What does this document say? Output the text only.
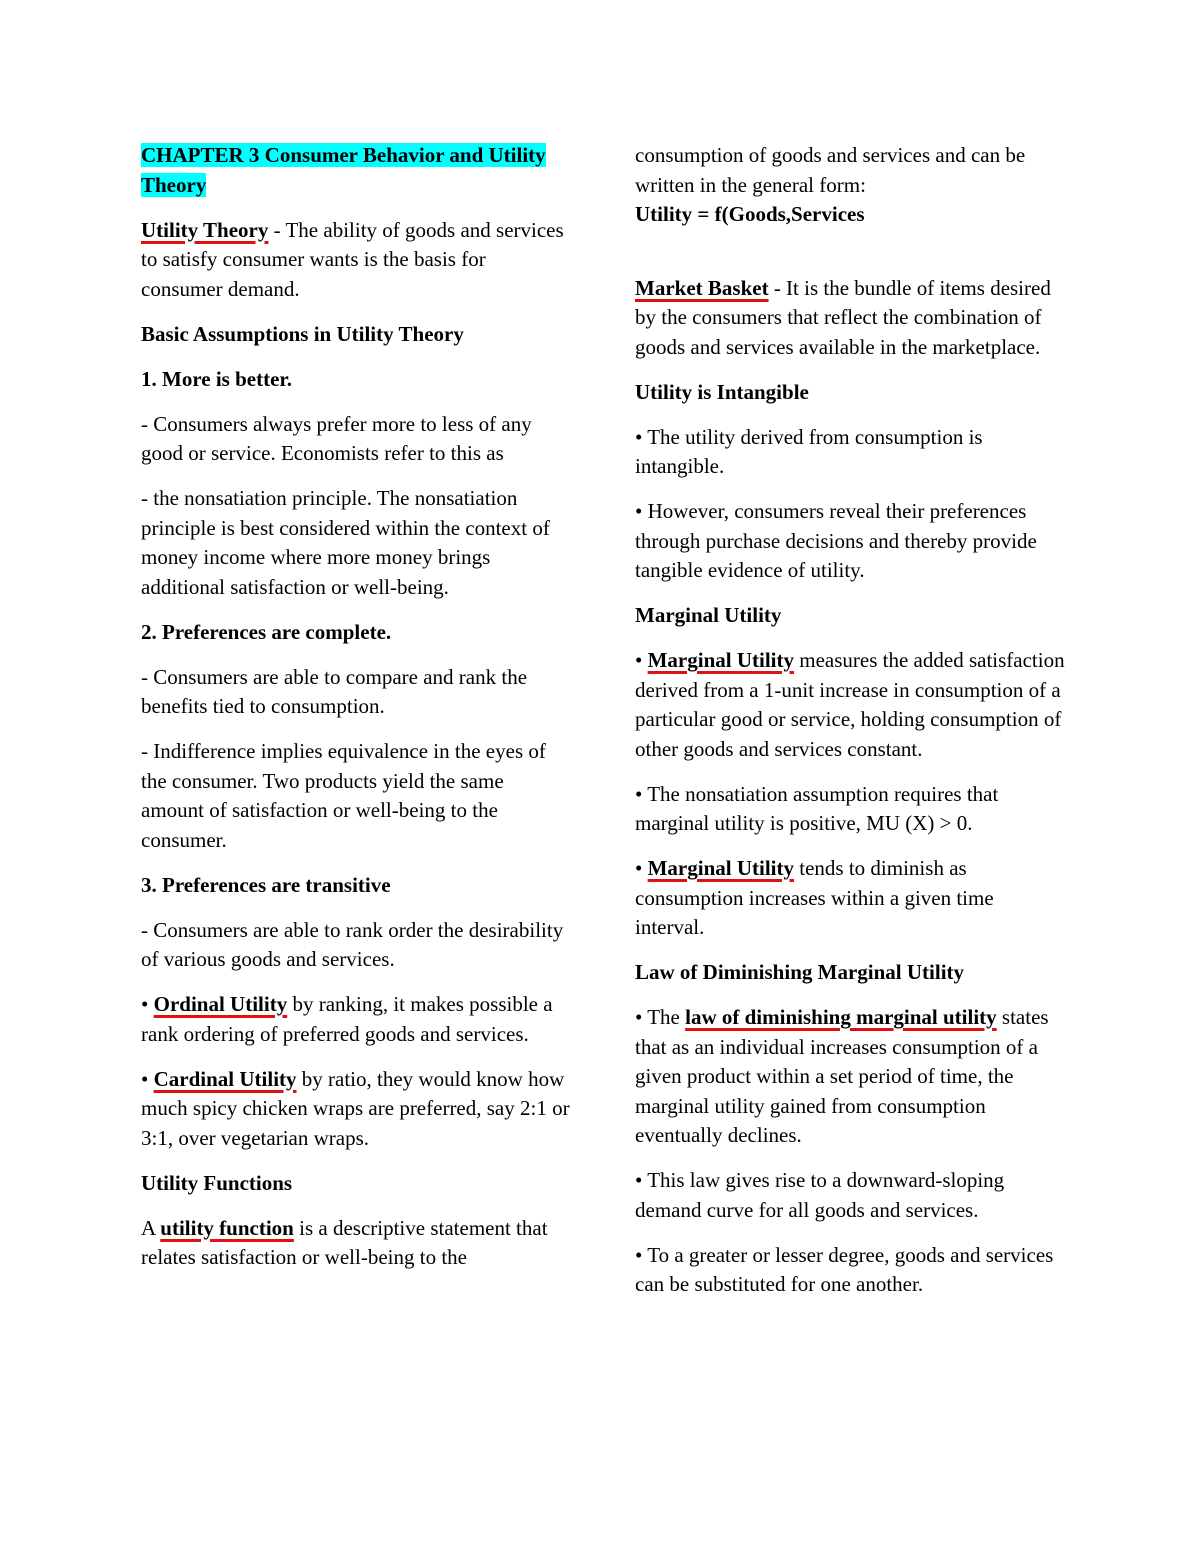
CHAPTER 3 Consumer Behavior and Utility Theory

Utility Theory - The ability of goods and services to satisfy consumer wants is the basis for consumer demand.

Basic Assumptions in Utility Theory

1. More is better.

- Consumers always prefer more to less of any good or service. Economists refer to this as

- the nonsatiation principle. The nonsatiation principle is best considered within the context of money income where more money brings additional satisfaction or well-being.

2. Preferences are complete.

- Consumers are able to compare and rank the benefits tied to consumption.

- Indifference implies equivalence in the eyes of the consumer. Two products yield the same amount of satisfaction or well-being to the consumer.

3. Preferences are transitive

- Consumers are able to rank order the desirability of various goods and services.

• Ordinal Utility by ranking, it makes possible a rank ordering of preferred goods and services.

• Cardinal Utility by ratio, they would know how much spicy chicken wraps are preferred, say 2:1 or 3:1, over vegetarian wraps.

Utility Functions

A utility function is a descriptive statement that relates satisfaction or well-being to the

consumption of goods and services and can be written in the general form:

Utility = f(Goods,Services

Market Basket - It is the bundle of items desired by the consumers that reflect the combination of goods and services available in the marketplace.

Utility is Intangible

• The utility derived from consumption is intangible.

• However, consumers reveal their preferences through purchase decisions and thereby provide tangible evidence of utility.

Marginal Utility

• Marginal Utility measures the added satisfaction derived from a 1-unit increase in consumption of a particular good or service, holding consumption of other goods and services constant.

• The nonsatiation assumption requires that marginal utility is positive, MU (X) > 0.

• Marginal Utility tends to diminish as consumption increases within a given time interval.

Law of Diminishing Marginal Utility

• The law of diminishing marginal utility states that as an individual increases consumption of a given product within a set period of time, the marginal utility gained from consumption eventually declines.

• This law gives rise to a downward-sloping demand curve for all goods and services.

• To a greater or lesser degree, goods and services can be substituted for one another.
